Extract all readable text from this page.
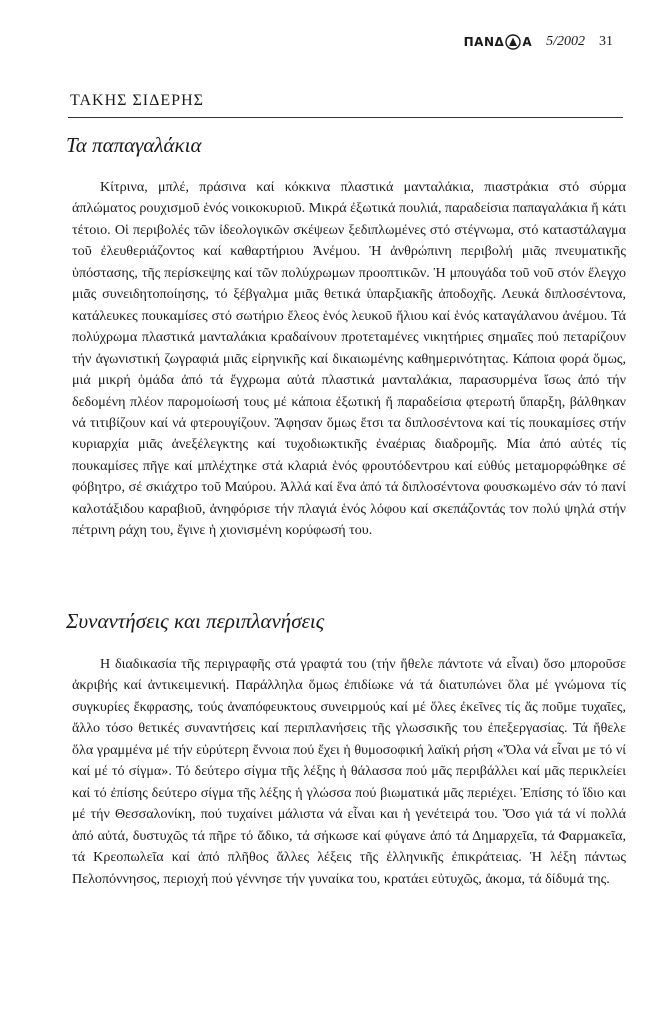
ΠΑΝΔ Α 5/2002 31
ΤΑΚΗΣ ΣΙΔΕΡΗΣ
Τα παπαγαλάκια

Κίτρινα, μπλέ, πράσινα καί κόκκινα πλαστικά μανταλάκια, πιαστράκια στό σύρμα άπλώματος ρουχισμοῦ ἑνός νοικοκυριοῦ. Μικρά ἐξωτικά πουλιά, παραδείσια παπαγαλάκια ἤ κάτι τέτοιο. Οἱ περιβολές τῶν ἰδεολογικῶν σκέψεων ξεδιπλωμένες στό στέγνωμα, στό καταστάλαγμα τοῦ ἐλευθεριάζοντος καί καθαρτήριου Ἀνέμου. Ἡ ἀνθρώπινη περιβολή μιᾶς πνευματικῆς ὑπόστασης, τῆς περίσκεψης καί τῶν πολύχρωμων προοπτικῶν. Ἡ μπουγάδα τοῦ νοῦ στόν ἔλεγχο μιᾶς συνειδητοποίησης, τό ξέβγαλμα μιᾶς θετικά ὑπαρξιακῆς ἀποδοχῆς. Λευκά διπλοσέντονα, κατάλευκες πουκαμίσες στό σωτήριο ἔλεος ἑνός λευκοῦ ἥλιου καί ἑνός καταγάλανου ἀνέμου. Τά πολύχρωμα πλαστικά μανταλάκια κραδαίνουν προτεταμένες νικητήριες σημαῖες πού πεταρίζουν τήν ἀγωνιστική ζωγραφιά μιᾶς εἰρηνικῆς καί δικαιωμένης καθημερινότητας. Κάποια φορά ὅμως, μιά μικρή ὁμάδα ἀπό τά ἔγχρωμα αὐτά πλαστικά μανταλάκια, παρασυρμένα ἴσως ἀπό τήν δεδομένη πλέον παρομοίωσή τους μέ κάποια ἐξωτική ἤ παραδείσια φτερωτή ὕπαρξη, βάλθηκαν νά τιτιβίζουν καί νά φτερουγίζουν. Ἄφησαν ὅμως ἔτσι τα διπλοσέντονα καί τίς πουκαμίσες στήν κυριαρχία μιᾶς ἀνεξέλεγκτης καί τυχοδιωκτικῆς ἐναέριας διαδρομῆς. Μία ἀπό αὐτές τίς πουκαμίσες πῆγε καί μπλέχτηκε στά κλαριά ἑνός φρουτόδεντρου καί εὐθύς μεταμορφώθηκε σέ φόβητρο, σέ σκιάχτρο τοῦ Μαύρου. Ἀλλά καί ἕνα ἀπό τά διπλοσέντονα φουσκωμένο σάν τό πανί καλοτάξιδου καραβιοῦ, ἀνηφόρισε τήν πλαγιά ἑνός λόφου καί σκεπάζοντάς τον πολύ ψηλά στήν πέτρινη ράχη του, ἔγινε ἡ χιονισμένη κορύφωσή του.

Συναντήσεις και περιπλανήσεις

Η διαδικασία τῆς περιγραφῆς στά γραφτά του (τήν ἤθελε πάντοτε νά εἶναι) ὅσο μποροῦσε ἀκριβής καί ἀντικειμενική. Παράλληλα ὅμως ἐπιδίωκε νά τά διατυπώνει ὅλα μέ γνώμονα τίς συγκυρίες ἔκφρασης, τούς ἀναπόφευκτους συνειρμούς καί μέ ὅλες ἐκεῖνες τίς ἄς ποῦμε τυχαῖες, ἄλλο τόσο θετικές συναντήσεις καί περιπλανήσεις τῆς γλωσσικῆς του ἐπεξεργασίας. Τά ἤθελε ὅλα γραμμένα μέ τήν εὐρύτερη ἔννοια πού ἔχει ἡ θυμοσοφική λαϊκή ρήση «Ὅλα νά εἶναι με τό νί καί μέ τό σίγμα». Τό δεύτερο σίγμα τῆς λέξης ἡ θάλασσα πού μᾶς περιβάλλει καί μᾶς περικλείει καί τό ἐπίσης δεύτερο σίγμα τῆς λέξης ἡ γλώσσα πού βιωματικά μᾶς περιέχει. Ἐπίσης τό ἴδιο και μέ τήν Θεσσαλονίκη, πού τυχαίνει μάλιστα νά εἶναι και ἡ γενέτειρά του. Ὅσο γιά τά νί πολλά ἀπό αὐτά, δυστυχῶς τά πῆρε τό ἄδικο, τά σήκωσε καί φύγανε ἀπό τά Δημαρχεῖα, τά Φαρμακεῖα, τά Κρεοπωλεῖα καί ἀπό πλῆθος ἄλλες λέξεις τῆς ἑλληνικῆς ἐπικράτειας. Ἡ λέξη πάντως Πελοπόννησος, περιοχή πού γέννησε τήν γυναίκα του, κρατάει εὐτυχῶς, ἀκομα, τά δίδυμά της.
